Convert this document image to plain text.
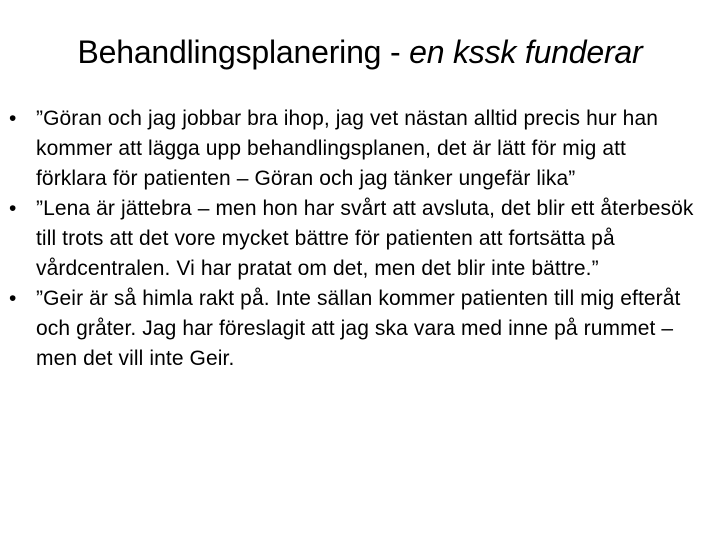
Behandlingsplanering - en kssk funderar
• ”Göran och jag jobbar bra ihop, jag vet nästan alltid precis hur han kommer att lägga upp behandlingsplanen, det är lätt för mig att förklara för patienten – Göran och jag tänker ungefär lika”
• ”Lena är jättebra – men hon har svårt att avsluta, det blir ett återbesök till trots att det vore mycket bättre för patienten att fortsätta på vårdcentralen. Vi har pratat om det, men det blir inte bättre.”
• ”Geir är så himla rakt på. Inte sällan kommer patienten till mig efteråt och gråter. Jag har föreslagit att jag ska vara med inne på rummet – men det vill inte Geir.
